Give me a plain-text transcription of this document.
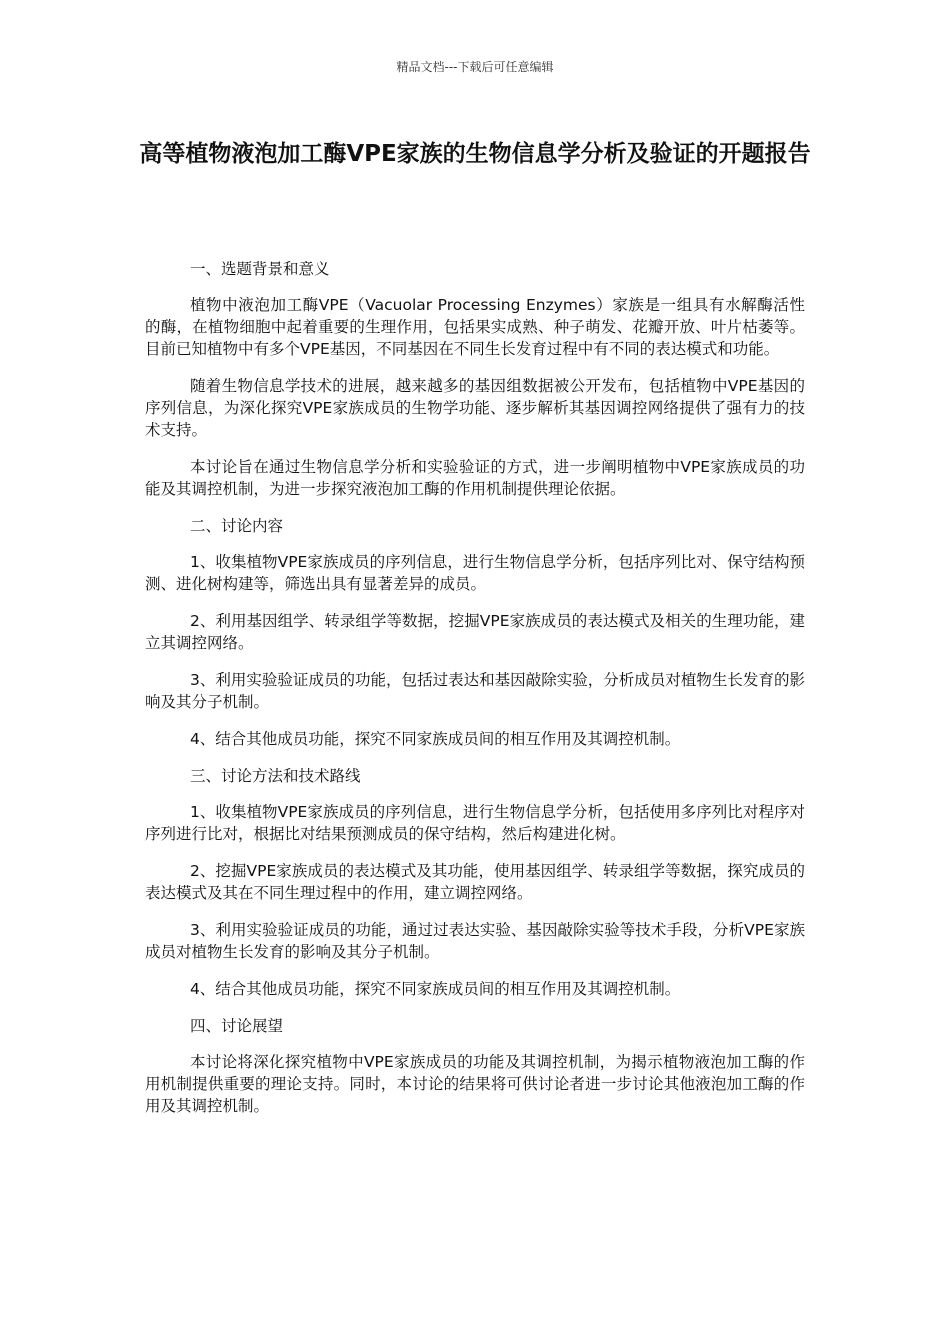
精品文档---下载后可任意编辑
高等植物液泡加工酶VPE家族的生物信息学分析及验证的开题报告

一、选题背景和意义

植物中液泡加工酶VPE（Vacuolar Processing Enzymes）家族是一组具有水解酶活性的酶，在植物细胞中起着重要的生理作用，包括果实成熟、种子萌发、花瓣开放、叶片枯萎等。目前已知植物中有多个VPE基因，不同基因在不同生长发育过程中有不同的表达模式和功能。

随着生物信息学技术的进展，越来越多的基因组数据被公开发布，包括植物中VPE基因的序列信息，为深化探究VPE家族成员的生物学功能、逐步解析其基因调控网络提供了强有力的技术支持。

本讨论旨在通过生物信息学分析和实验验证的方式，进一步阐明植物中VPE家族成员的功能及其调控机制，为进一步探究液泡加工酶的作用机制提供理论依据。

二、讨论内容

1、收集植物VPE家族成员的序列信息，进行生物信息学分析，包括序列比对、保守结构预测、进化树构建等，筛选出具有显著差异的成员。

2、利用基因组学、转录组学等数据，挖掘VPE家族成员的表达模式及相关的生理功能，建立其调控网络。

3、利用实验验证成员的功能，包括过表达和基因敲除实验，分析成员对植物生长发育的影响及其分子机制。

4、结合其他成员功能，探究不同家族成员间的相互作用及其调控机制。

三、讨论方法和技术路线

1、收集植物VPE家族成员的序列信息，进行生物信息学分析，包括使用多序列比对程序对序列进行比对，根据比对结果预测成员的保守结构，然后构建进化树。

2、挖掘VPE家族成员的表达模式及其功能，使用基因组学、转录组学等数据，探究成员的表达模式及其在不同生理过程中的作用，建立调控网络。

3、利用实验验证成员的功能，通过过表达实验、基因敲除实验等技术手段，分析VPE家族成员对植物生长发育的影响及其分子机制。

4、结合其他成员功能，探究不同家族成员间的相互作用及其调控机制。

四、讨论展望

本讨论将深化探究植物中VPE家族成员的功能及其调控机制，为揭示植物液泡加工酶的作用机制提供重要的理论支持。同时，本讨论的结果将可供讨论者进一步讨论其他液泡加工酶的作用及其调控机制。
